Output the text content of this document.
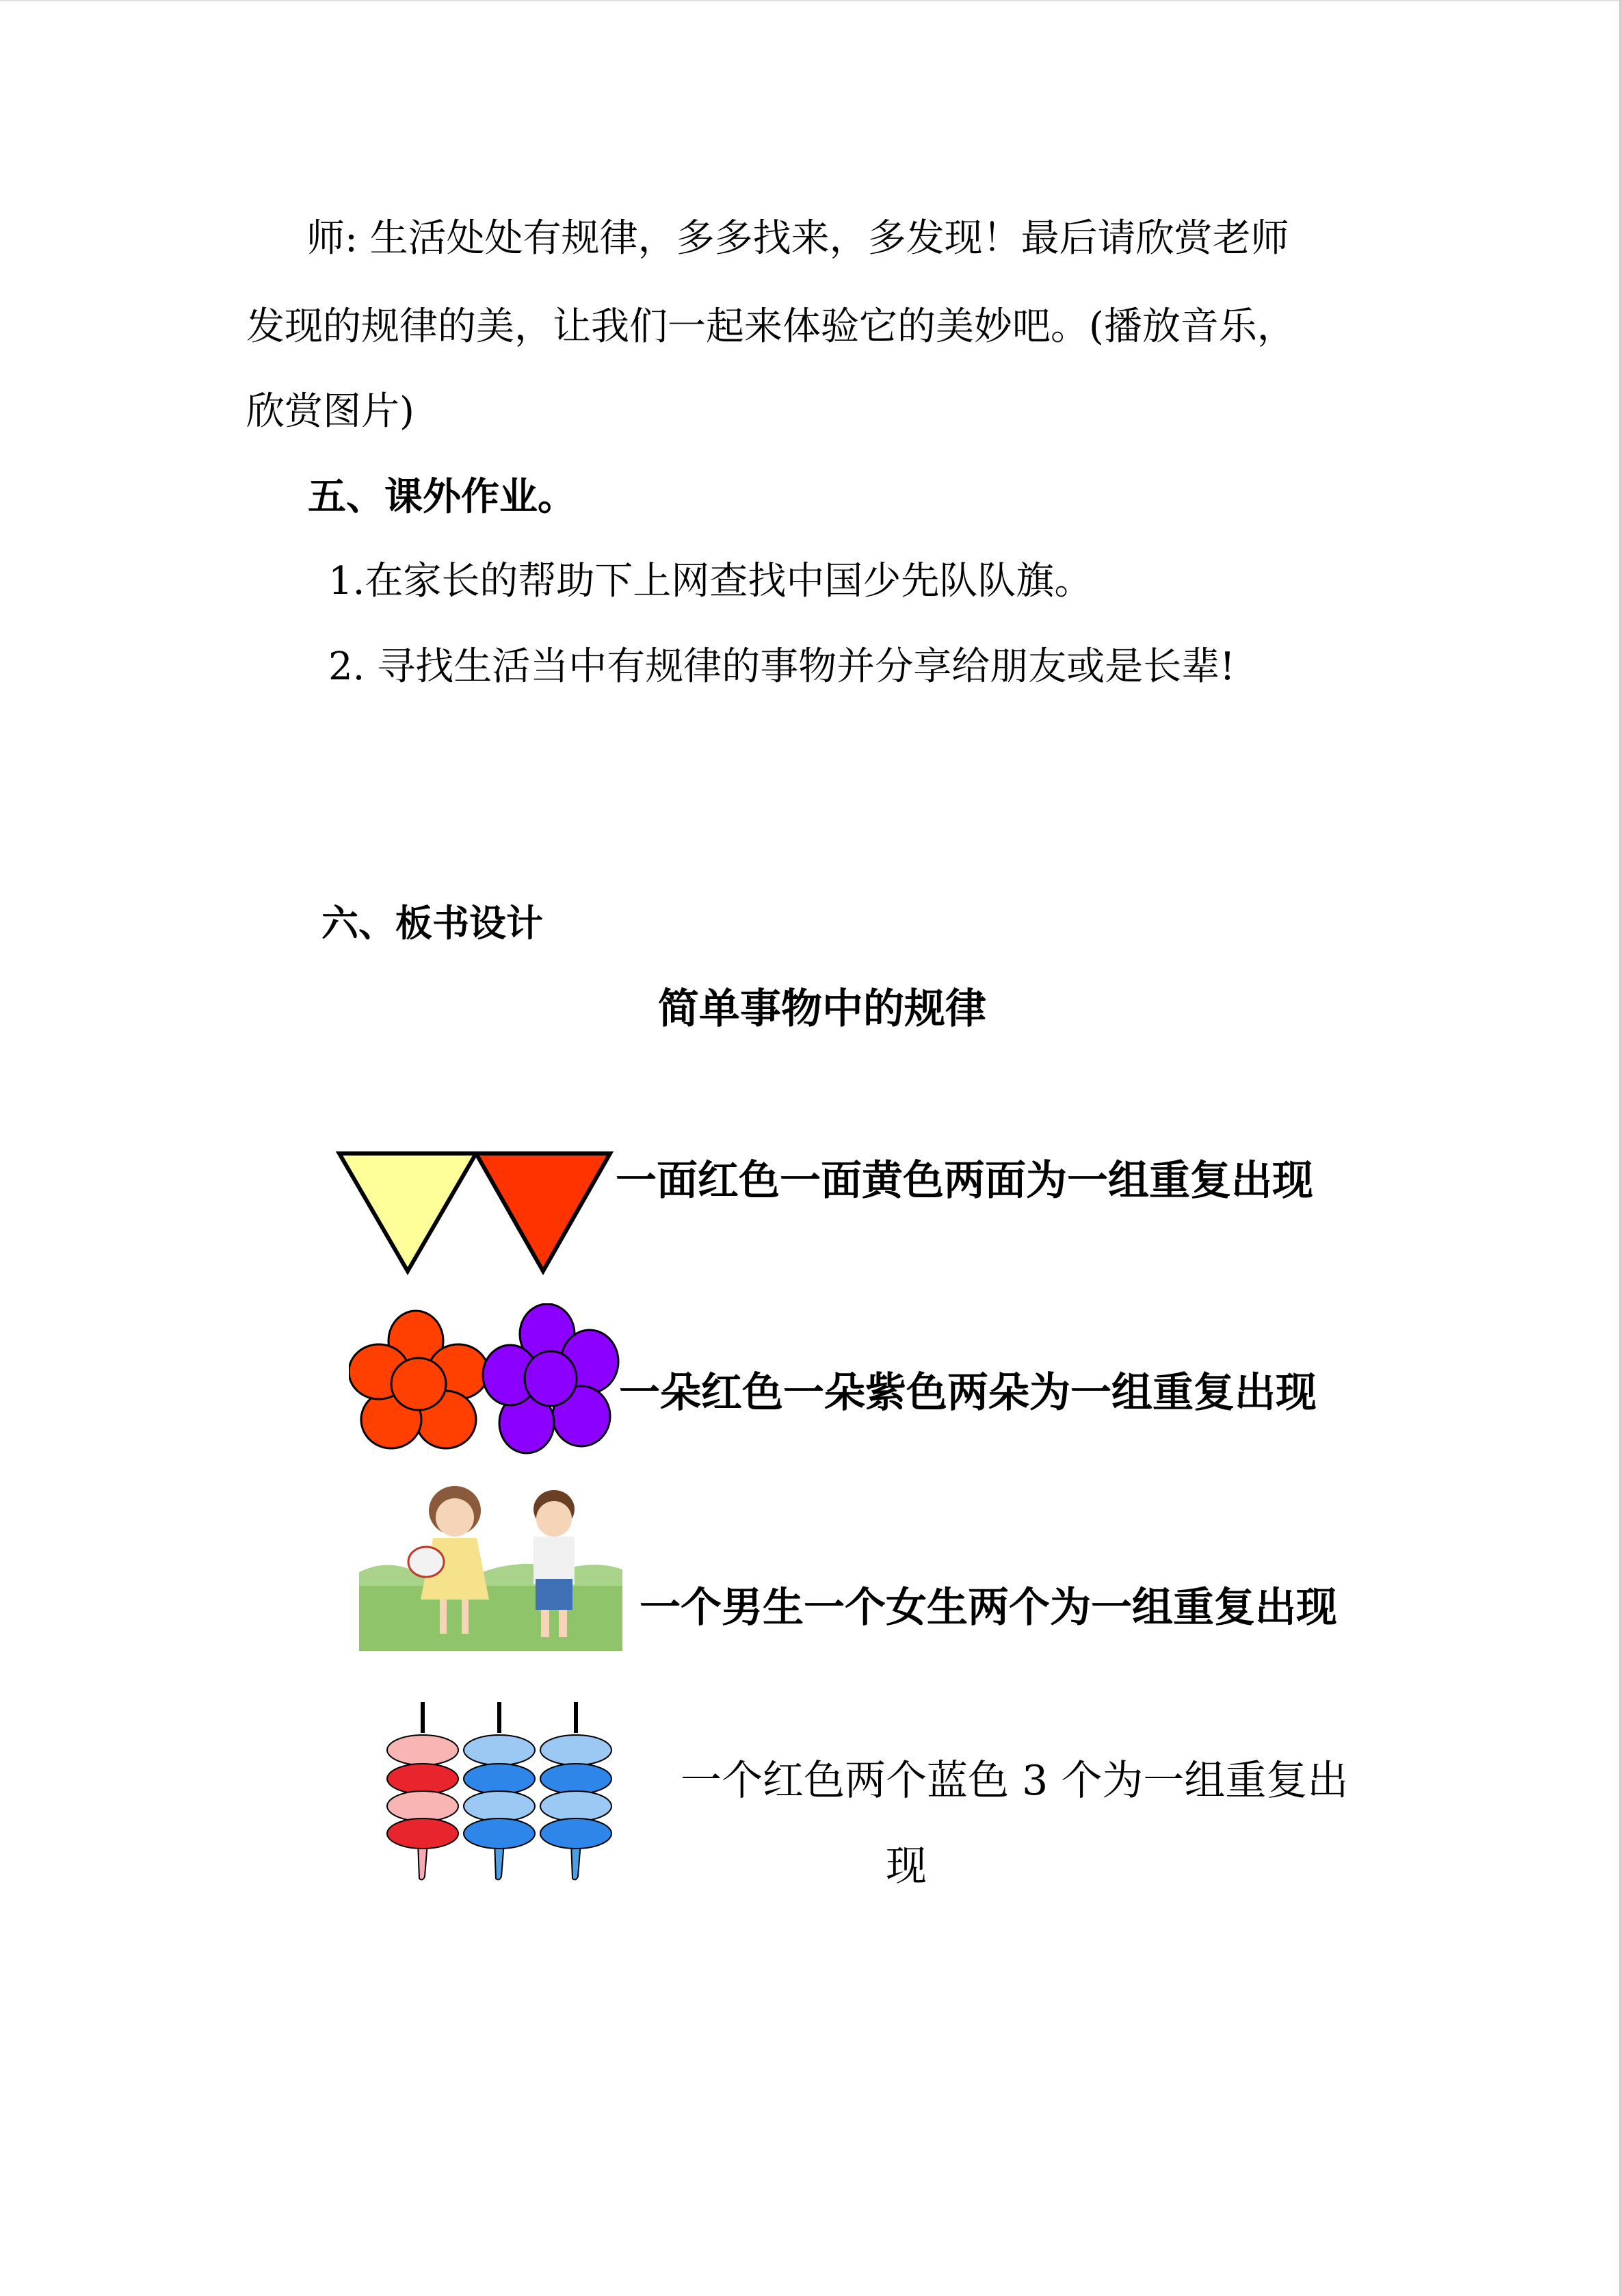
师: 生活处处有规律，多多找来，多发现！最后请欣赏老师
发现的规律的美，让我们一起来体验它的美妙吧。(播放音乐，
欣赏图片)
五、课外作业。
1.在家长的帮助下上网查找中国少先队队旗。
2. 寻找生活当中有规律的事物并分享给朋友或是长辈!
六、板书设计
简单事物中的规律
一面红色一面黄色两面为一组重复出现
一朵红色一朵紫色两朵为一组重复出现
一个男生一个女生两个为一组重复出现
一个红色两个蓝色 3 个为一组重复出
现
